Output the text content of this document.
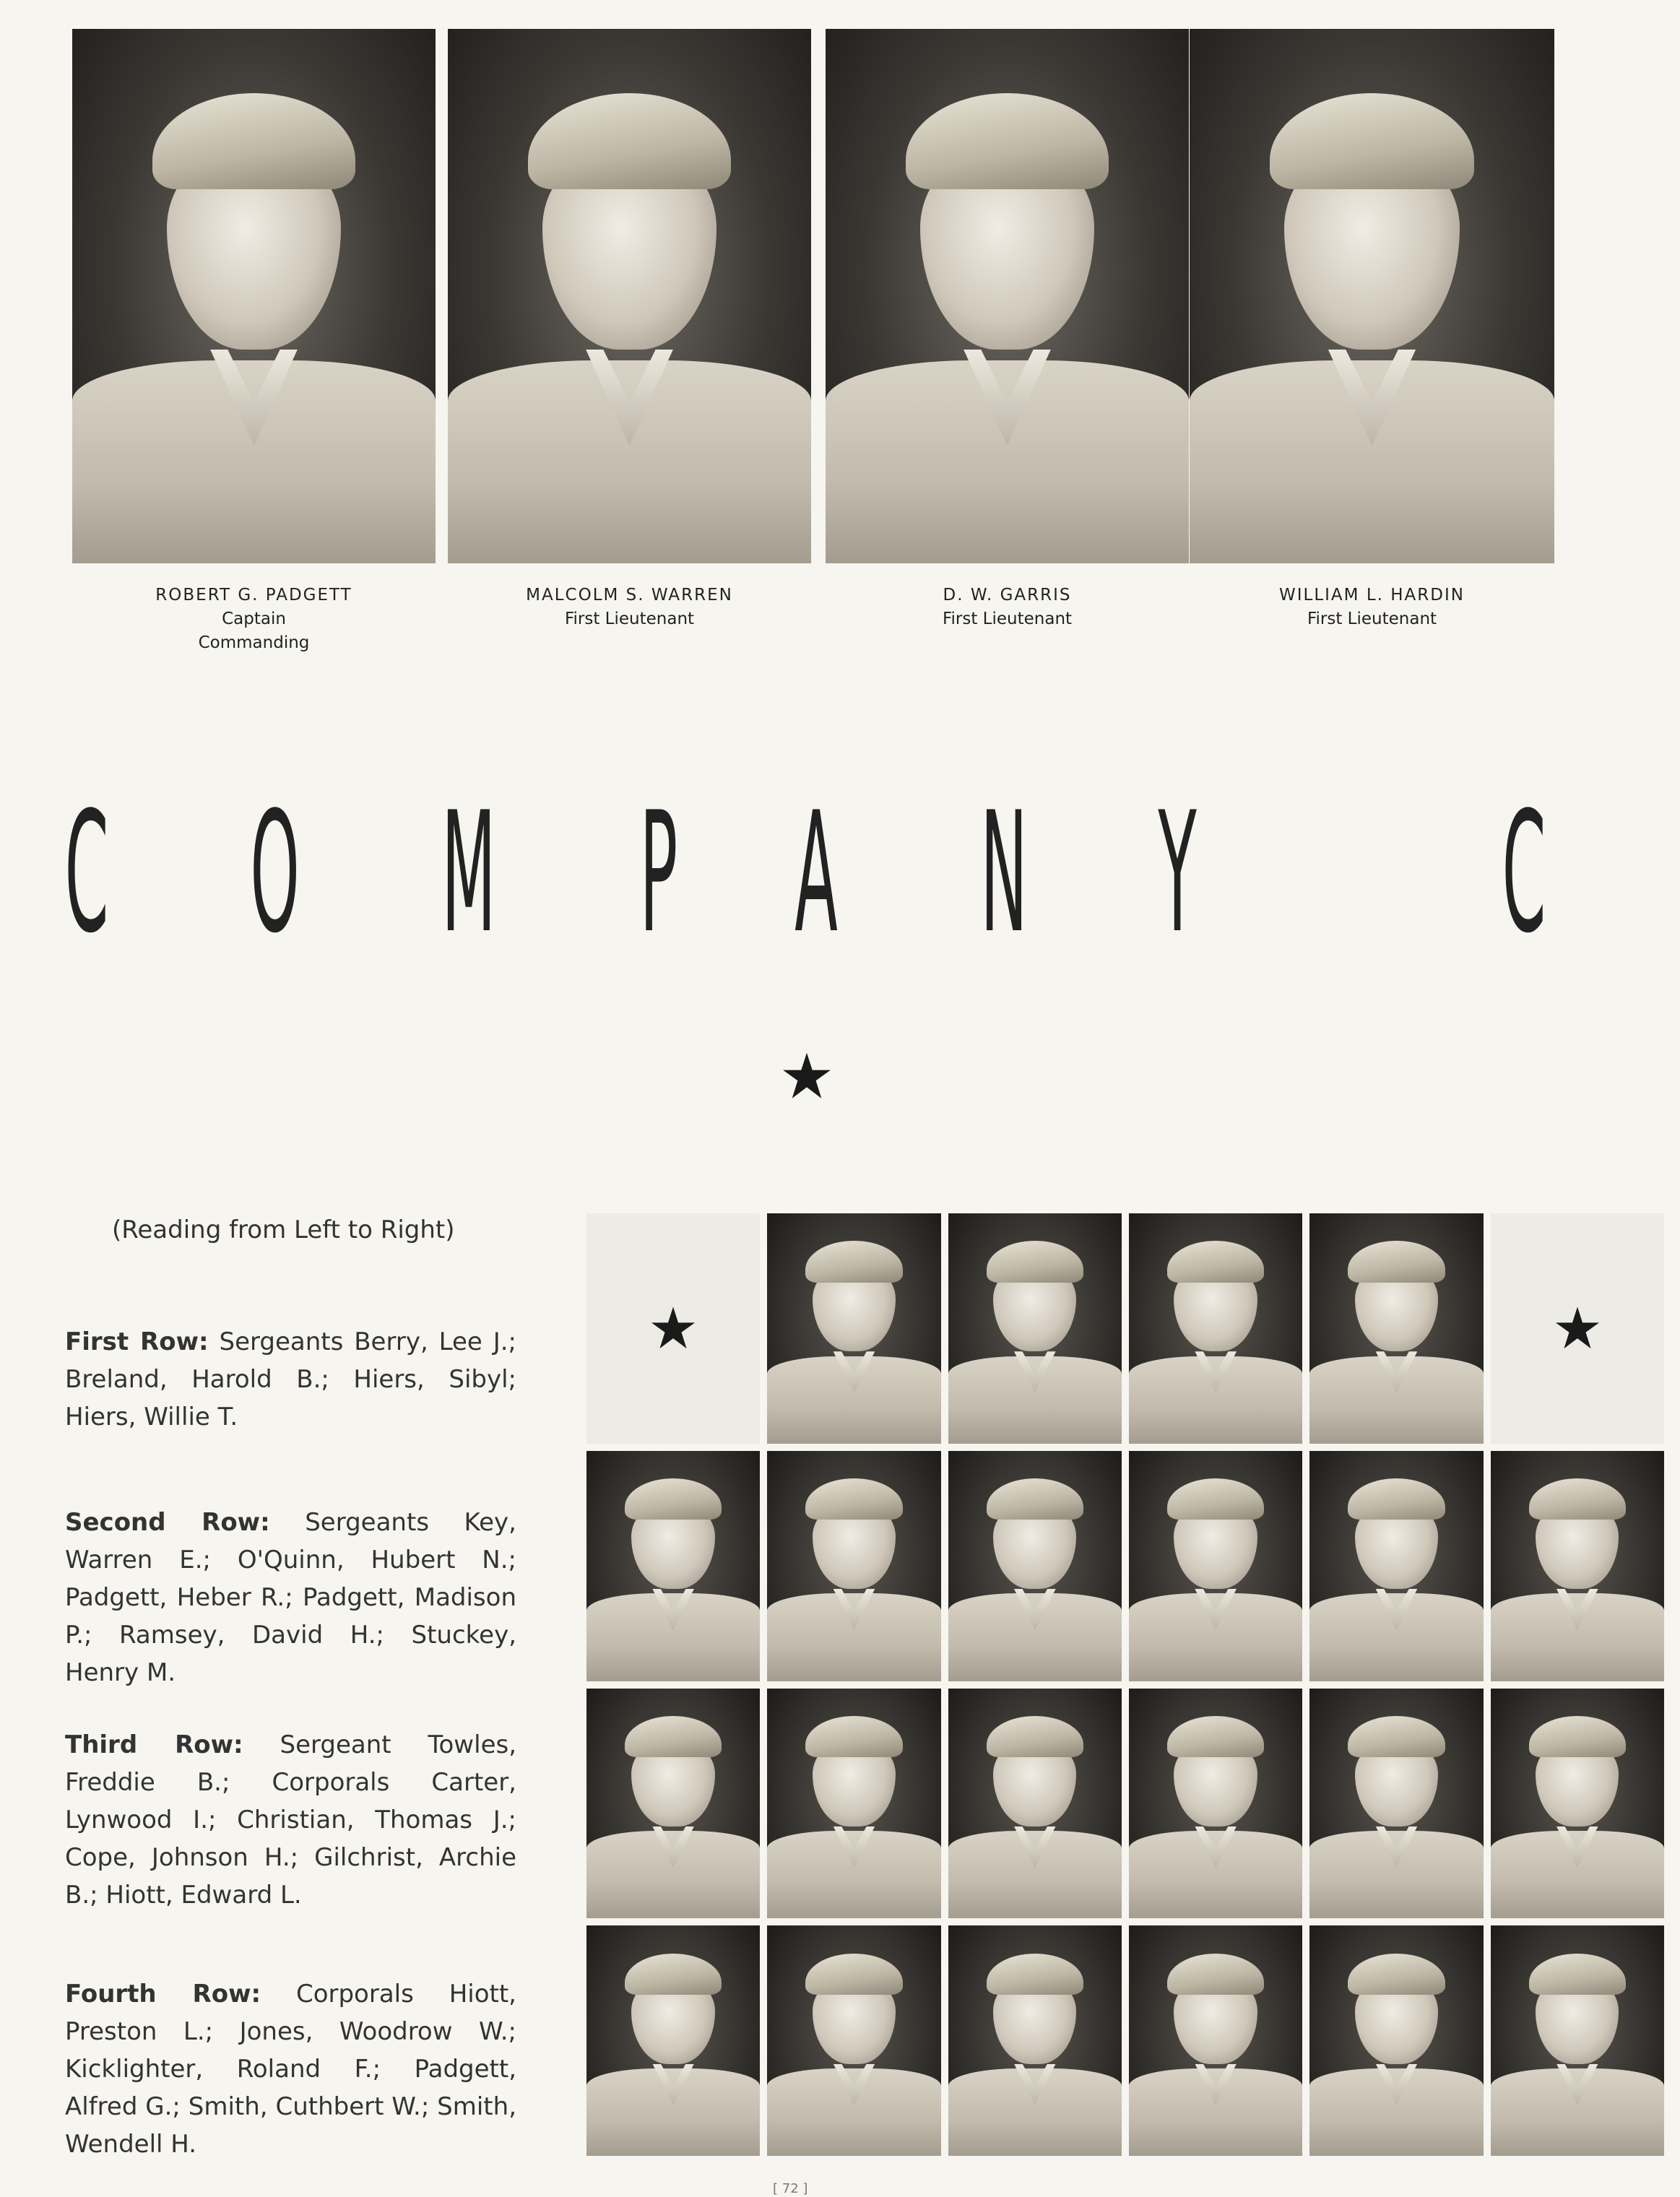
ROBERT G. PADGETT
Captain
Commanding
MALCOLM S. WARREN
First Lieutenant
D. W. GARRIS
First Lieutenant
WILLIAM L. HARDIN
First Lieutenant
C O M P A N Y C
(Reading from Left to Right)
First Row: Sergeants Berry, Lee J.; Breland, Harold B.; Hiers, Sibyl; Hiers, Willie T.
Second Row: Sergeants Key, Warren E.; O'Quinn, Hubert N.; Padgett, Heber R.; Padgett, Madison P.; Ramsey, David H.; Stuckey, Henry M.
Third Row: Sergeant Towles, Freddie B.; Corporals Carter, Lynwood I.; Christian, Thomas J.; Cope, Johnson H.; Gilchrist, Archie B.; Hiott, Edward L.
Fourth Row: Corporals Hiott, Preston L.; Jones, Woodrow W.; Kicklighter, Roland F.; Padgett, Alfred G.; Smith, Cuthbert W.; Smith, Wendell H.
[ 72 ]
